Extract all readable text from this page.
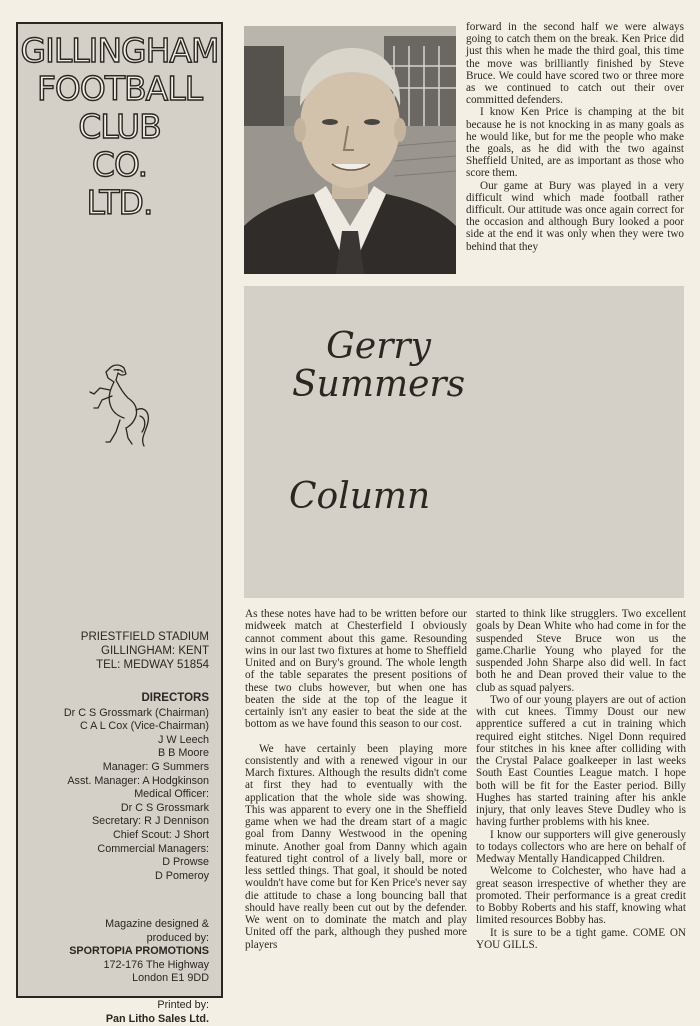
GILLINGHAM
FOOTBALL
CLUB
CO.
LTD.
PRIESTFIELD STADIUM
GILLINGHAM: KENT
TEL: MEDWAY 51854
DIRECTORS
Dr C S Grossmark (Chairman)
C A L Cox (Vice-Chairman)
J W Leech
B B Moore
Manager: G Summers
Asst. Manager: A Hodgkinson
Medical Officer:
Dr C S Grossmark
Secretary: R J Dennison
Chief Scout: J Short
Commercial Managers:
D Prowse
D Pomeroy
Magazine designed &
produced by:
SPORTOPIA PROMOTIONS
172-176 The Highway
London E1 9DD
Printed by:
Pan Litho Sales Ltd.

forward in the second half we were always going to catch them on the break. Ken Price did just this when he made the third goal, this time the move was brilliantly finished by Steve Bruce. We could have scored two or three more as we continued to catch out their over committed defenders.

I know Ken Price is champing at the bit because he is not knocking in as many goals as he would like, but for me the people who make the goals, as he did with the two against Sheffield United, are as important as those who score them.

Our game at Bury was played in a very difficult wind which made football rather difficult. Our attitude was once again correct for the occasion and although Bury looked a poor side at the end it was only when they were two behind that they

Gerry
Summers
Column

As these notes have had to be written before our midweek match at Chesterfield I obviously cannot comment about this game. Resounding wins in our last two fixtures at home to Sheffield United and on Bury's ground. The whole length of the table separates the present positions of these two clubs however, but when one has beaten the side at the top of the league it certainly isn't any easier to beat the side at the bottom as we have found this season to our cost.

We have certainly been playing more consistently and with a renewed vigour in our March fixtures. Although the results didn't come at first they had to eventually with the application that the whole side was showing. This was apparent to every one in the Sheffield game when we had the dream start of a magic goal from Danny Westwood in the opening minute. Another goal from Danny which again featured tight control of a lively ball, more or less settled things. That goal, it should be noted wouldn't have come but for Ken Price's never say die attitude to chase a long bouncing ball that should have really been cut out by the defender. We went on to dominate the match and play United off the park, although they pushed more players

started to think like strugglers. Two excellent goals by Dean White who had come in for the suspended Steve Bruce won us the game.Charlie Young who played for the suspended John Sharpe also did well. In fact both he and Dean proved their value to the club as squad palyers.

Two of our young players are out of action with cut knees. Timmy Doust our new apprentice suffered a cut in training which required eight stitches. Nigel Donn required four stitches in his knee after colliding with the Crystal Palace goalkeeper in last weeks South East Counties League match. I hope both will be fit for the Easter period. Billy Hughes has started training after his ankle injury, that only leaves Steve Dudley who is having further problems with his knee.

I know our supporters will give generously to todays collectors who are here on behalf of Medway Mentally Handicapped Children.

Welcome to Colchester, who have had a great season irrespective of whether they are promoted. Their performance is a great credit to Bobby Roberts and his staff, knowing what limited resources Bobby has.

It is sure to be a tight game. COME ON YOU GILLS.
